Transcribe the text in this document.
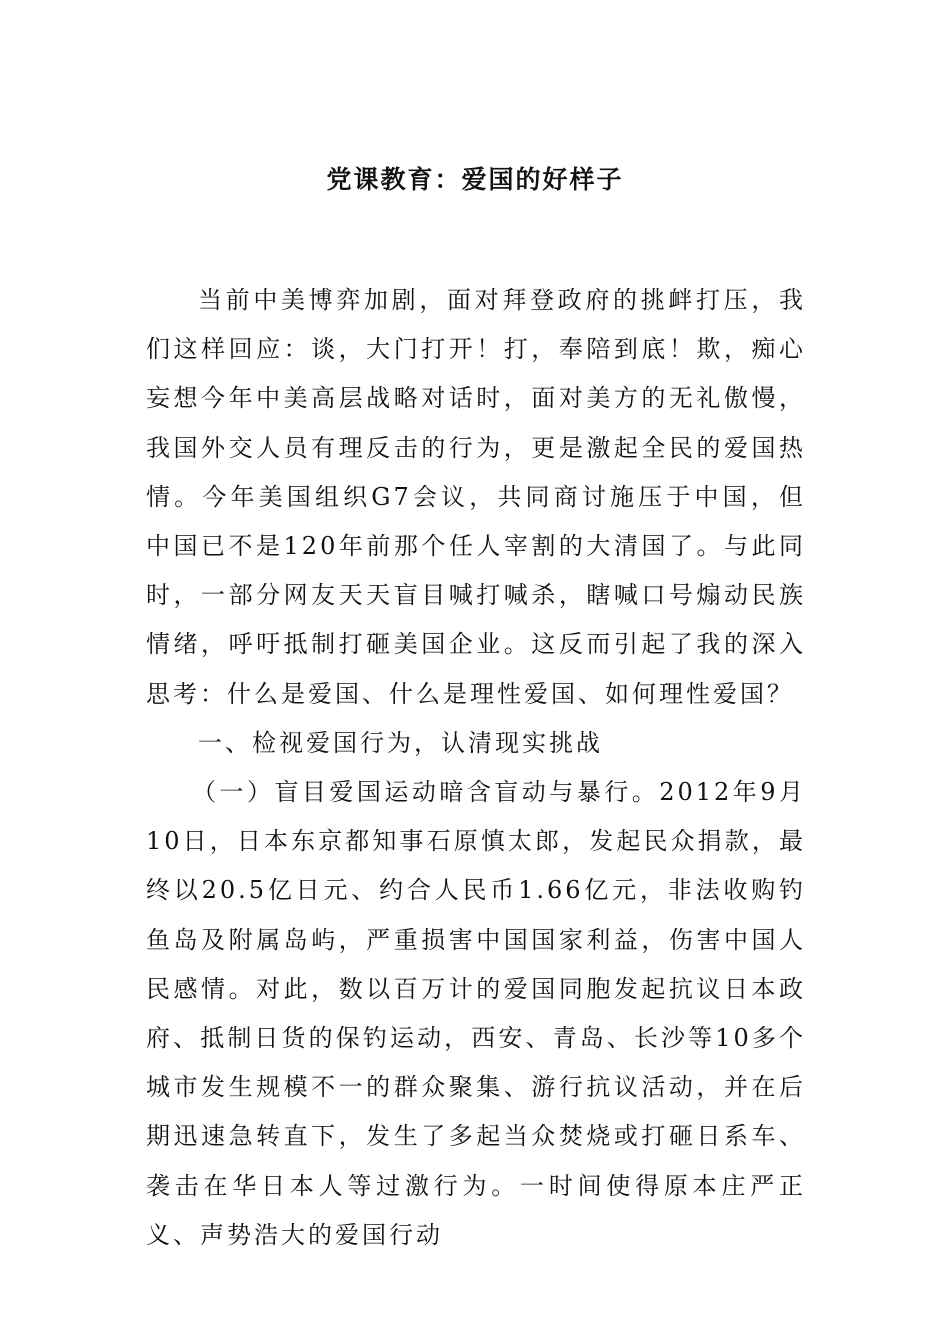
党课教育：爱国的好样子

当前中美博弈加剧，面对拜登政府的挑衅打压，我们这样回应：谈，大门打开！打，奉陪到底！欺，痴心妄想今年中美高层战略对话时，面对美方的无礼傲慢，我国外交人员有理反击的行为，更是激起全民的爱国热情。今年美国组织G7会议，共同商讨施压于中国，但中国已不是120年前那个任人宰割的大清国了。与此同时，一部分网友天天盲目喊打喊杀，瞎喊口号煽动民族情绪，呼吁抵制打砸美国企业。这反而引起了我的深入思考：什么是爱国、什么是理性爱国、如何理性爱国？

一、检视爱国行为，认清现实挑战

（一）盲目爱国运动暗含盲动与暴行。2012年9月10日，日本东京都知事石原慎太郎，发起民众捐款，最终以20.5亿日元、约合人民币1.66亿元，非法收购钓鱼岛及附属岛屿，严重损害中国国家利益，伤害中国人民感情。对此，数以百万计的爱国同胞发起抗议日本政府、抵制日货的保钓运动，西安、青岛、长沙等10多个城市发生规模不一的群众聚集、游行抗议活动，并在后期迅速急转直下，发生了多起当众焚烧或打砸日系车、袭击在华日本人等过激行为。一时间使得原本庄严正义、声势浩大的爱国行动
